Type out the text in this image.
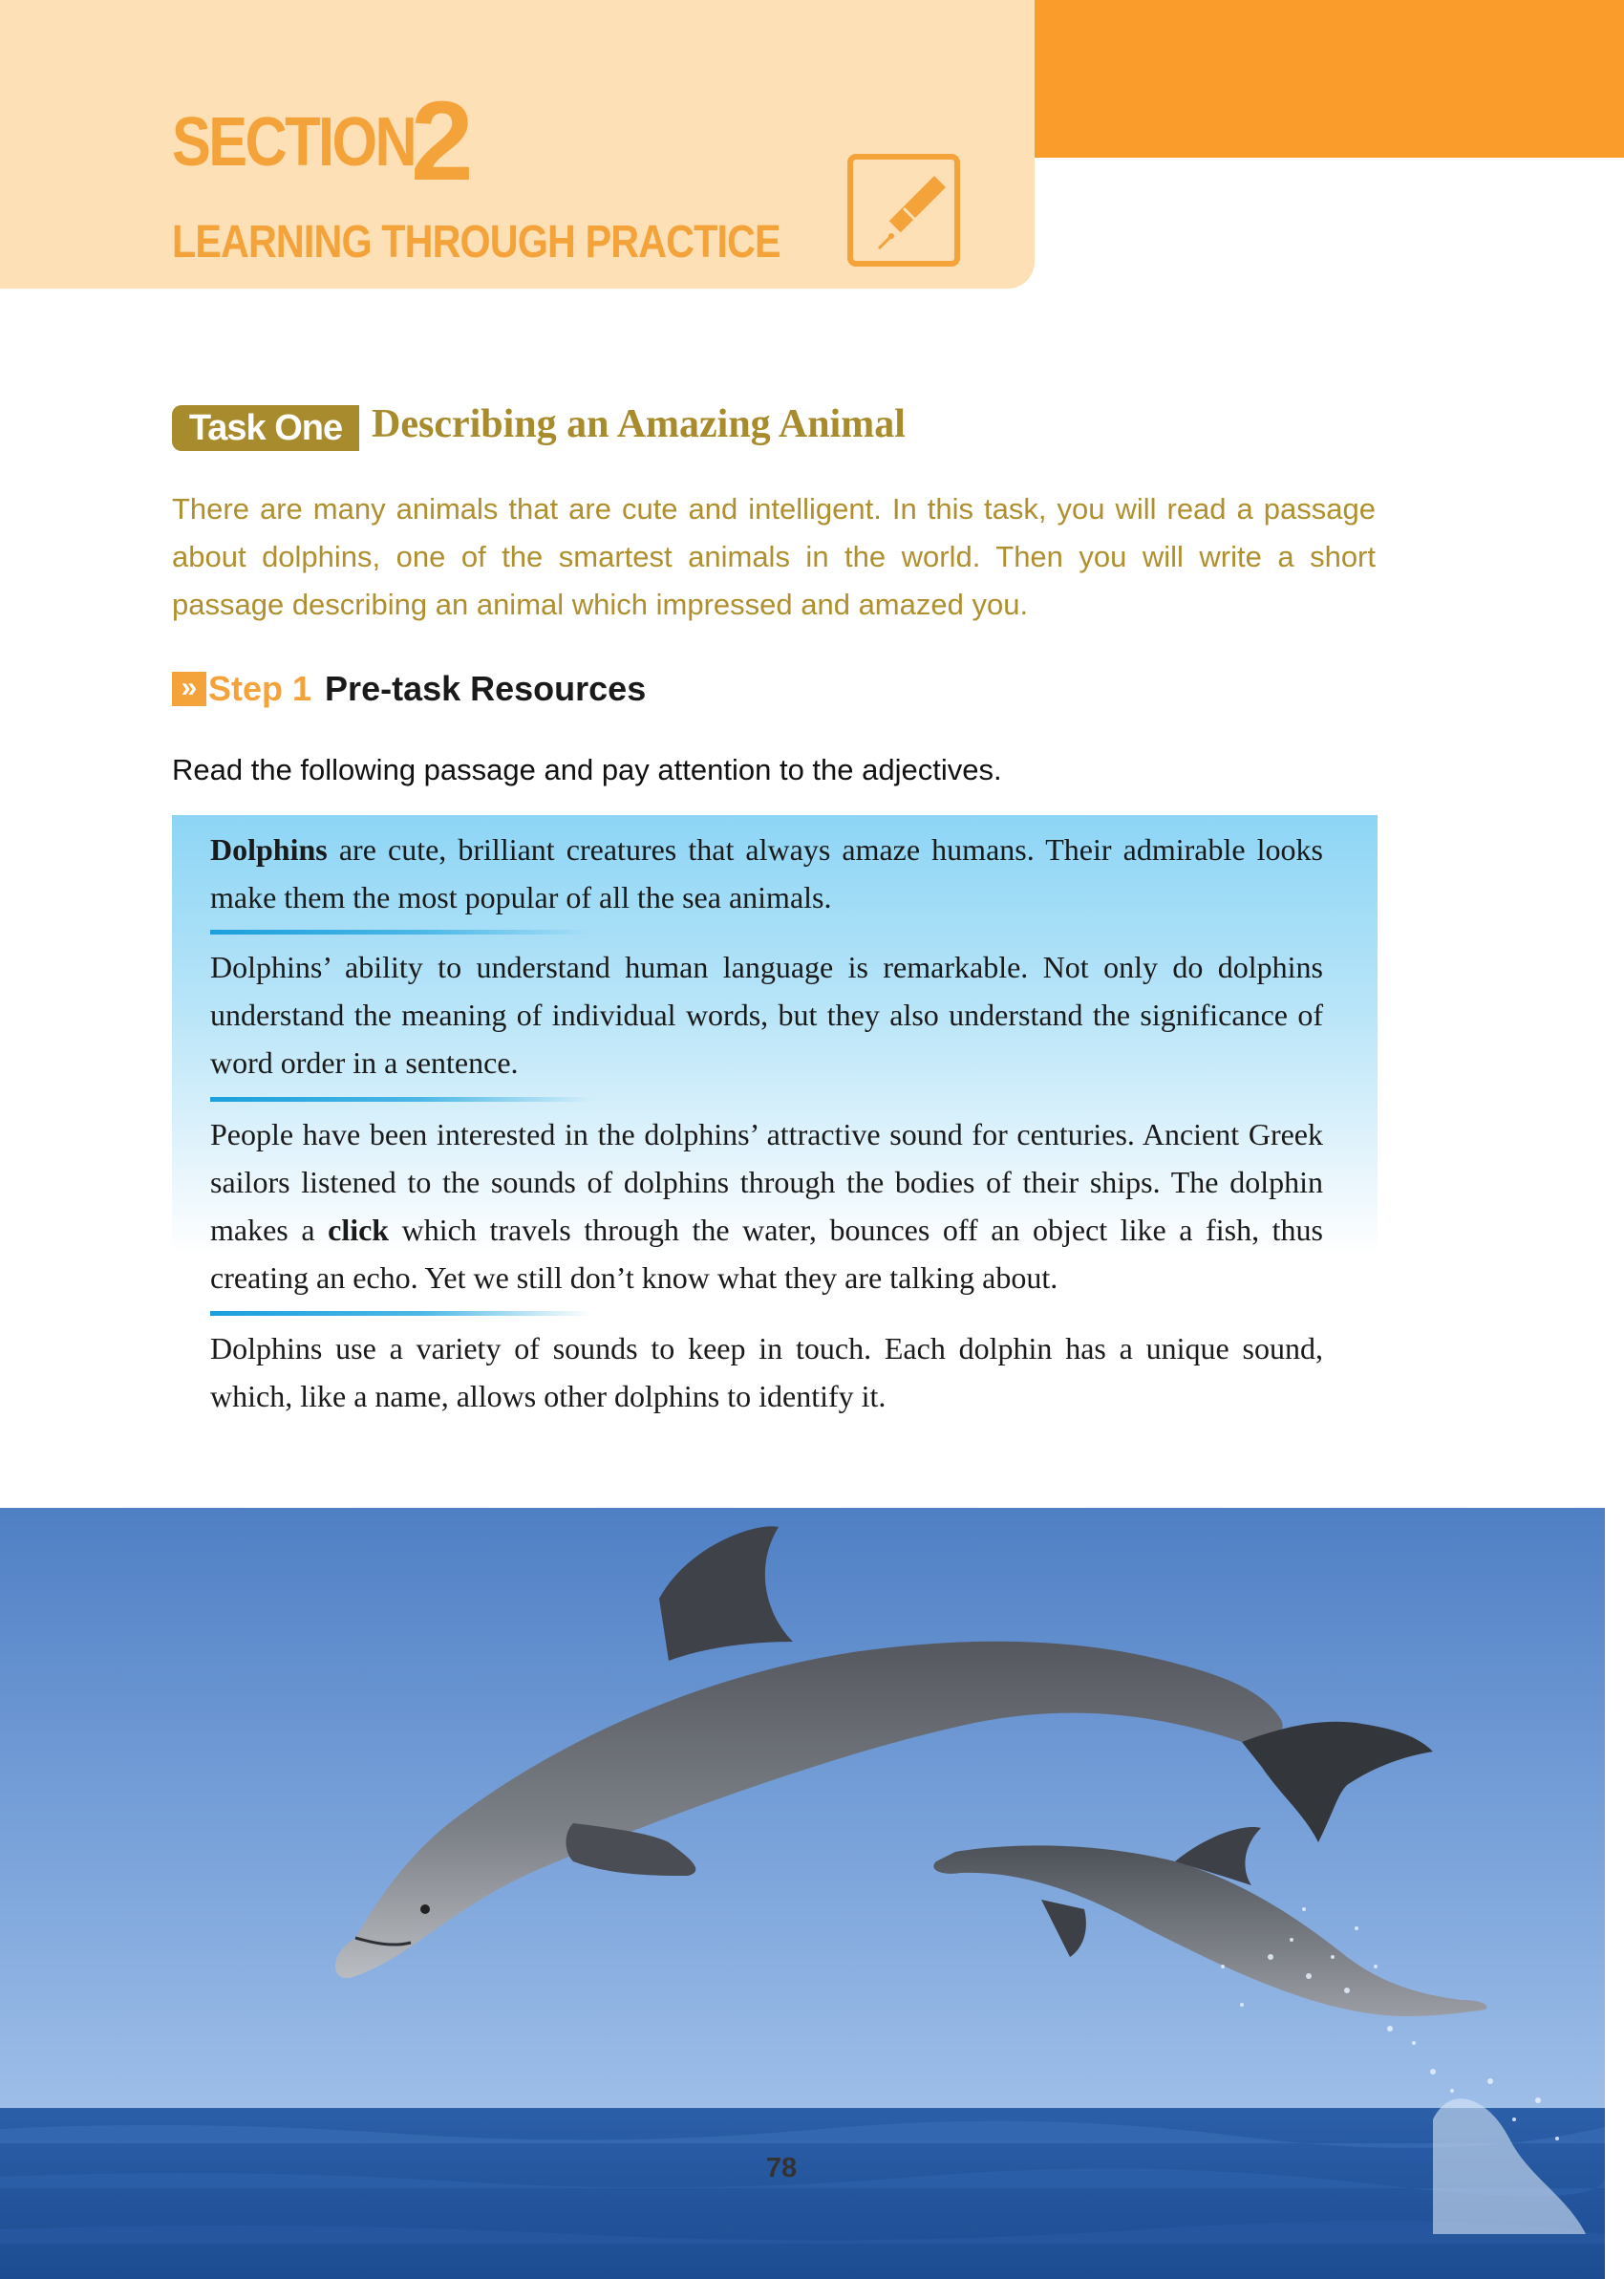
SECTION
2
LEARNING THROUGH PRACTICE
Task One Describing an Amazing Animal

There are many animals that are cute and intelligent. In this task, you will read a passage about dolphins, one of the smartest animals in the world. Then you will write a short passage describing an animal which impressed and amazed you.

» Step 1 Pre-task Resources
Read the following passage and pay attention to the adjectives.

Dolphins are cute, brilliant creatures that always amaze humans. Their admirable looks make them the most popular of all the sea animals.

Dolphins’ ability to understand human language is remarkable. Not only do dolphins understand the meaning of individual words, but they also understand the significance of word order in a sentence.

People have been interested in the dolphins’ attractive sound for centuries. Ancient Greek sailors listened to the sounds of dolphins through the bodies of their ships. The dolphin makes a click which travels through the water, bounces off an object like a fish, thus creating an echo. Yet we still don’t know what they are talking about.

Dolphins use a variety of sounds to keep in touch. Each dolphin has a unique sound, which, like a name, allows other dolphins to identify it.

78
